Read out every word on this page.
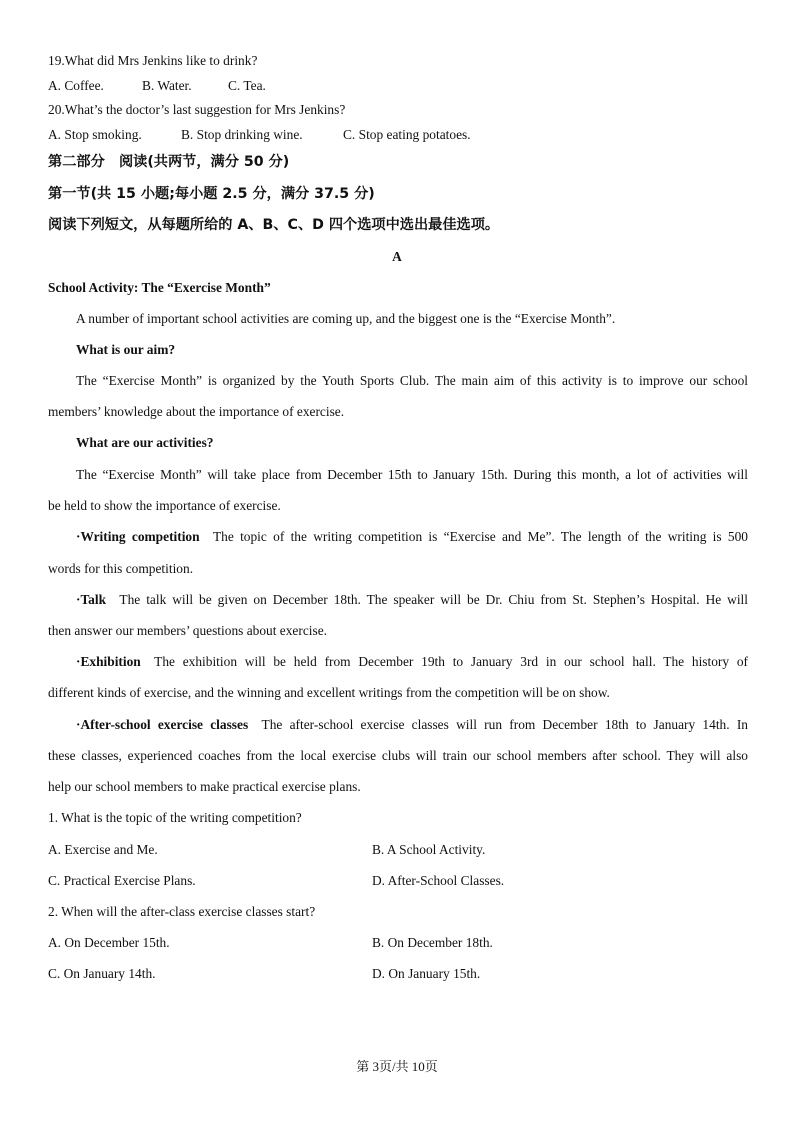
19.What did Mrs Jenkins like to drink?
A. Coffee.	B. Water.	C. Tea.
20.What’s the doctor’s last suggestion for Mrs Jenkins?
A. Stop smoking.	B. Stop drinking wine.	C. Stop eating potatoes.
第二部分　阅读(共两节，满分 50 分)
第一节(共 15 小题;每小题 2.5 分，满分 37.5 分)
阅读下列短文，从每题所给的 A、B、C、D 四个选项中选出最佳选项。
A
School Activity: The “Exercise Month”
A number of important school activities are coming up, and the biggest one is the “Exercise Month”.
What is our aim?
The “Exercise Month” is organized by the Youth Sports Club. The main aim of this activity is to improve our school
members’ knowledge about the importance of exercise.
What are our activities?
The “Exercise Month” will take place from December 15th to January 15th. During this month, a lot of activities will
be held to show the importance of exercise.
·Writing competition  The topic of the writing competition is “Exercise and Me”. The length of the writing is 500
words for this competition.
·Talk  The talk will be given on December 18th. The speaker will be Dr. Chiu from St. Stephen’s Hospital. He will
then answer our members’ questions about exercise.
·Exhibition  The exhibition will be held from December 19th to January 3rd in our school hall. The history of
different kinds of exercise, and the winning and excellent writings from the competition will be on show.
·After-school exercise classes  The after-school exercise classes will run from December 18th to January 14th. In
these classes, experienced coaches from the local exercise clubs will train our school members after school. They will also
help our school members to make practical exercise plans.
1. What is the topic of the writing competition?
A. Exercise and Me.	B. A School Activity.
C. Practical Exercise Plans.	D. After-School Classes.
2. When will the after-class exercise classes start?
A. On December 15th.	B. On December 18th.
C. On January 14th.	D. On January 15th.
第 3页/共 10页
